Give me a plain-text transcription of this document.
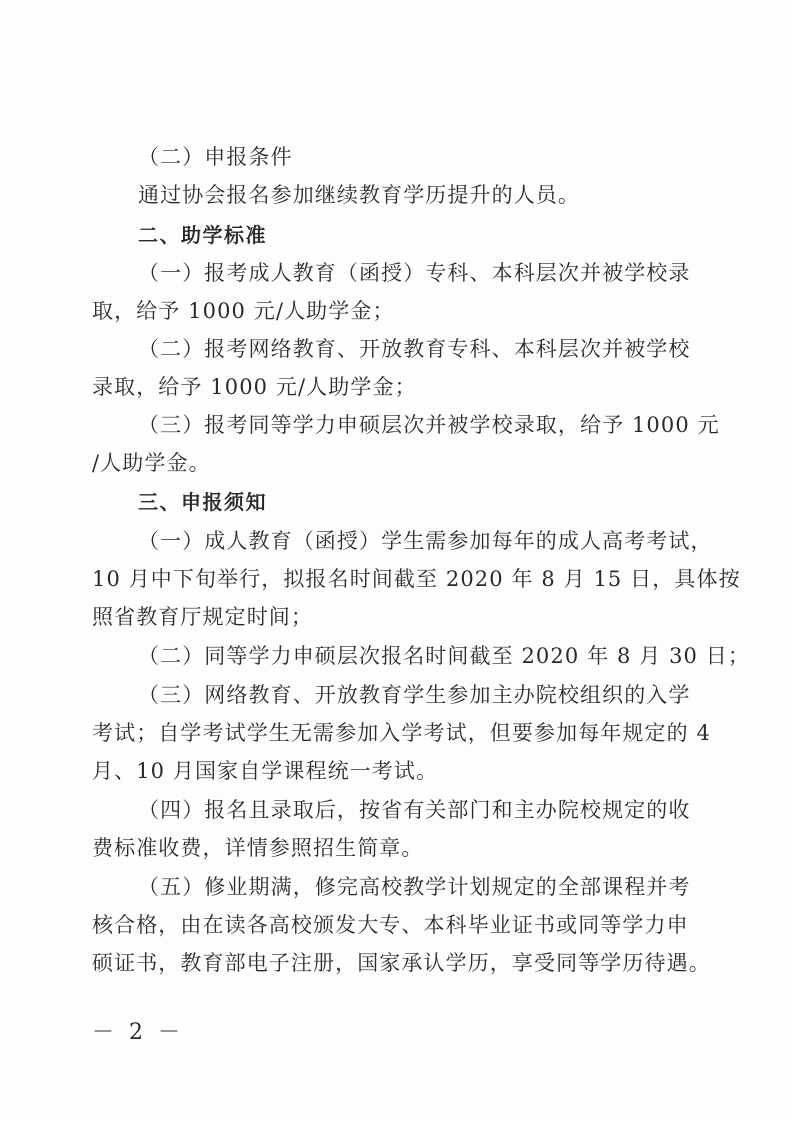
（二）申报条件
通过协会报名参加继续教育学历提升的人员。
二、助学标准
（一）报考成人教育（函授）专科、本科层次并被学校录
取，给予 1000 元/人助学金；
（二）报考网络教育、开放教育专科、本科层次并被学校
录取，给予 1000 元/人助学金；
（三）报考同等学力申硕层次并被学校录取，给予 1000 元
/人助学金。
三、申报须知
（一）成人教育（函授）学生需参加每年的成人高考考试，
10 月中下旬举行，拟报名时间截至 2020 年 8 月 15 日，具体按
照省教育厅规定时间；
（二）同等学力申硕层次报名时间截至 2020 年 8 月 30 日；
（三）网络教育、开放教育学生参加主办院校组织的入学
考试；自学考试学生无需参加入学考试，但要参加每年规定的 4
月、10 月国家自学课程统一考试。
（四）报名且录取后，按省有关部门和主办院校规定的收
费标准收费，详情参照招生简章。
（五）修业期满，修完高校教学计划规定的全部课程并考
核合格，由在读各高校颁发大专、本科毕业证书或同等学力申
硕证书，教育部电子注册，国家承认学历，享受同等学历待遇。
－ 2 －
